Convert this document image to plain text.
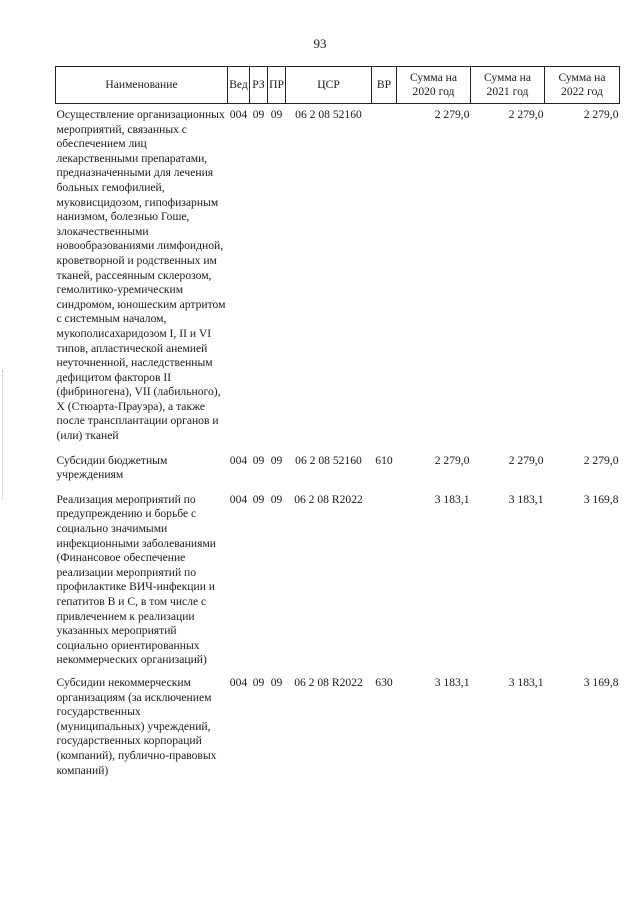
93
Наименование	Вед	РЗ	ПР	ЦСР	ВР	Сумма на 2020 год	Сумма на 2021 год	Сумма на 2022 год
Осуществление организационных мероприятий, связанных с обеспечением лиц лекарственными препаратами, предназначенными для лечения больных гемофилией, муковисцидозом, гипофизарным нанизмом, болезнью Гоше, злокачественными новообразованиями лимфоидной, кроветворной и родственных им тканей, рассеянным склерозом, гемолитико-уремическим синдромом, юношеским артритом с системным началом, мукополисахаридозом I, II и VI типов, апластической анемией неуточненной, наследственным дефицитом факторов II (фибриногена), VII (лабильного), X (Стюарта-Прауэра), а также после трансплантации органов и (или) тканей	004	09	09	06 2 08 52160		2 279,0	2 279,0	2 279,0
Субсидии бюджетным учреждениям	004	09	09	06 2 08 52160	610	2 279,0	2 279,0	2 279,0
Реализация мероприятий по предупреждению и борьбе с социально значимыми инфекционными заболеваниями (Финансовое обеспечение реализации мероприятий по профилактике ВИЧ-инфекции и гепатитов B и C, в том числе с привлечением к реализации указанных мероприятий социально ориентированных некоммерческих организаций)	004	09	09	06 2 08 R2022		3 183,1	3 183,1	3 169,8
Субсидии некоммерческим организациям (за исключением государственных (муниципальных) учреждений, государственных корпораций (компаний), публично-правовых компаний)	004	09	09	06 2 08 R2022	630	3 183,1	3 183,1	3 169,8
